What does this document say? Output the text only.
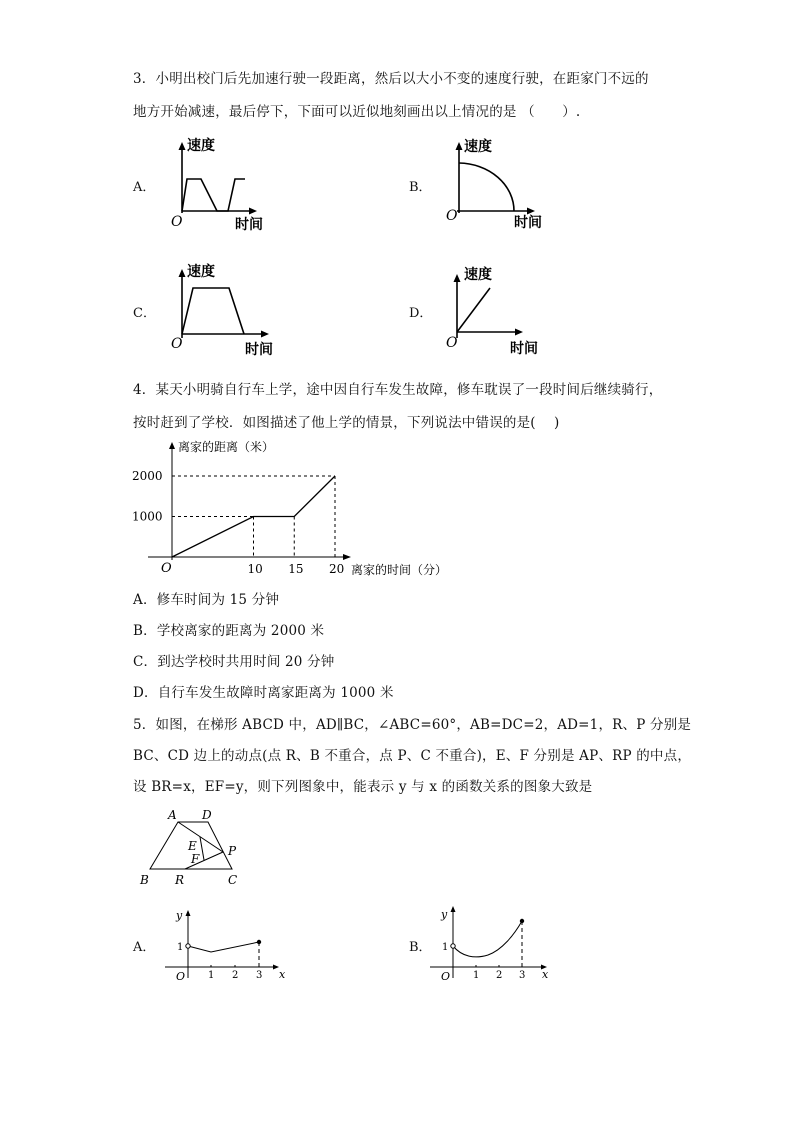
3．小明出校门后先加速行驶一段距离，然后以大小不变的速度行驶，在距家门不远的
地方开始减速，最后停下，下面可以近似地刻画出以上情况的是 （　　）.
A．
速度
O	时间
B．
速度
O	时间
C．
速度
O	时间
D．
速度
O	时间
4．某天小明骑自行车上学，途中因自行车发生故障，修车耽误了一段时间后继续骑行，
按时赶到了学校．如图描述了他上学的情景，下列说法中错误的是(　 )
离家的距离（米）
离家的时间（分）
O	10 15 20
1000
2000
A．修车时间为 15 分钟
B．学校离家的距离为 2000 米
C．到达学校时共用时间 20 分钟
D．自行车发生故障时离家距离为 1000 米
5．如图，在梯形 ABCD 中，AD∥BC，∠ABC=60°，AB=DC=2，AD=1，R、P 分别是
BC、CD 边上的动点(点 R、B 不重合，点 P、C 不重合)，E、F 分别是 AP、RP 的中点，
设 BR=x，EF=y，则下列图象中，能表示 y 与 x 的函数关系的图象大致是
A D
E
F
P
B R	C
A．
y
1
O 1 2 3 x
B．
y
1
O 1 2 3 x
